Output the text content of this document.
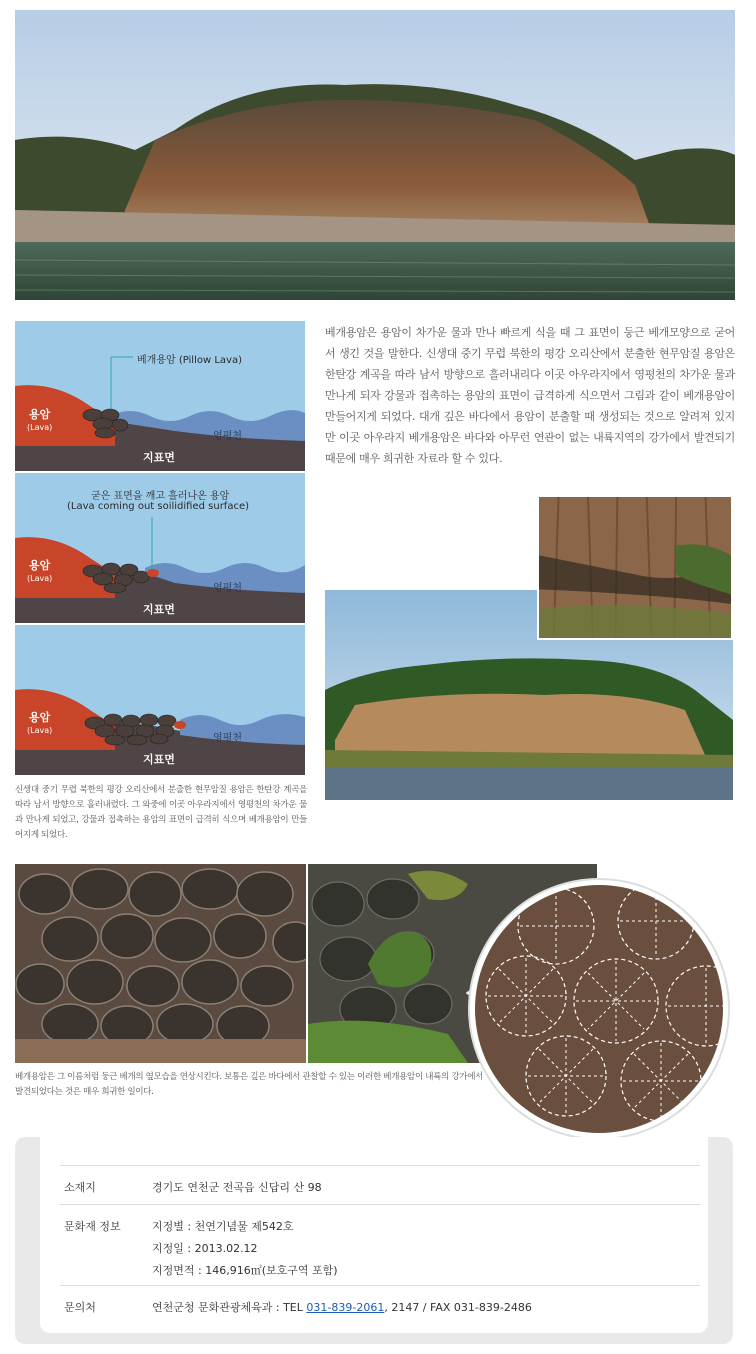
베개용암 (Pillow Lava)
용암
(Lava)
영평천
지표면
굳은 표면을 깨고 흘러나온 용암
(Lava coming out soilidified surface)
용암
(Lava)
영평천
지표면
용암
(Lava)
영평천
지표면
신생대 중기 무렵 북한의 평강 오리산에서 분출한 현무암질 용암은 한탄강 계곡을 따라 남서 방향으로 흘러내렸다. 그 와중에 이곳 아우라지에서 영평천의 차가운 물과 만나게 되었고, 강물과 접촉하는 용암의 표면이 급격히 식으며 베개용암이 만들어지게 되었다.
베개용암은 용암이 차가운 물과 만나 빠르게 식을 때 그 표면이 둥근 베개모양으로 굳어서 생긴 것을 말한다. 신생대 중기 무렵 북한의 평강 오리산에서 분출한 현무암질 용암은 한탄강 계곡을 따라 남서 방향으로 흘러내리다 이곳 아우라지에서 영평천의 차가운 물과 만나게 되자 강물과 접촉하는 용암의 표면이 급격하게 식으면서 그림과 같이 베개용암이 만들어지게 되었다. 대개 깊은 바다에서 용암이 분출할 때 생성되는 것으로 알려져 있지만 이곳 아우라지 베개용암은 바다와 아무런 연관이 없는 내륙지역의 강가에서 발견되기 때문에 매우 희귀한 자료라 할 수 있다.
베개용암은 그 이름처럼 둥근 베개의 옆모습을 연상시킨다. 보통은 깊은 바다에서 관찰할 수 있는 이러한 베개용암이 내륙의 강가에서 발견되었다는 것은 매우 희귀한 일이다.
소재지	경기도 연천군 전곡읍 신답리 산 98
문화재 정보	지정별 : 천연기념물 제542호
지정일 : 2013.02.12
지정면적 : 146,916㎡(보호구역 포함)
문의처	연천군청 문화관광체육과 : TEL 031-839-2061, 2147 / FAX 031-839-2486
